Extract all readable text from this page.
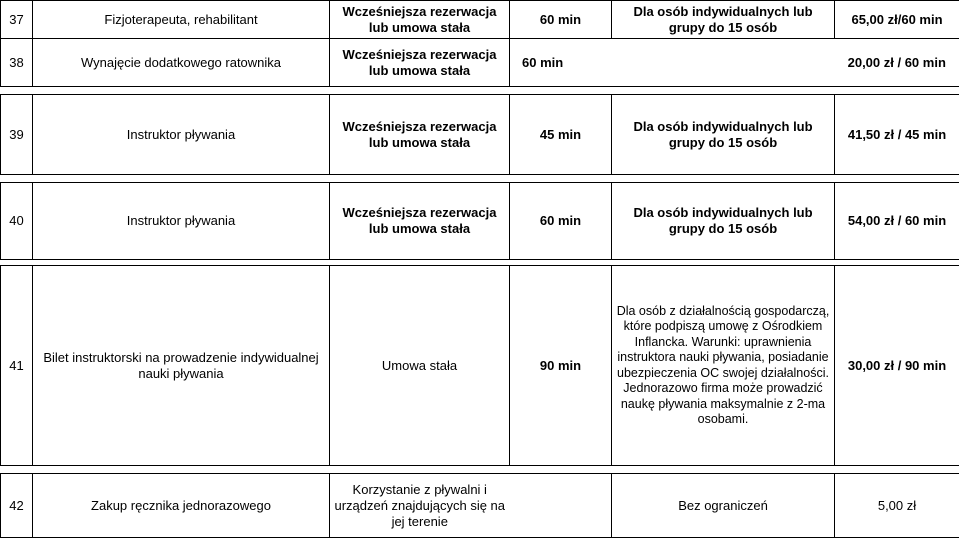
37	Fizjoterapeuta, rehabilitant	Wcześniejsza rezerwacja lub umowa stała	60 min	Dla osób indywidualnych lub grupy do 15 osób	65,00 zł/60 min
38	Wynajęcie dodatkowego ratownika	Wcześniejsza rezerwacja lub umowa stała	60 min		20,00 zł / 60 min

39	Instruktor pływania	Wcześniejsza rezerwacja lub umowa stała	45 min	Dla osób indywidualnych lub grupy do 15 osób	41,50 zł / 45 min

40	Instruktor pływania	Wcześniejsza rezerwacja lub umowa stała	60 min	Dla osób indywidualnych lub grupy do 15 osób	54,00 zł / 60 min

41	Bilet instruktorski na prowadzenie indywidualnej nauki pływania	Umowa stała	90 min	Dla osób z działalnością gospodarczą, które podpiszą umowę z Ośrodkiem Inflancka. Warunki: uprawnienia instruktora nauki pływania, posiadanie ubezpieczenia OC swojej działalności. Jednorazowo firma może prowadzić naukę pływania maksymalnie z 2-ma osobami.	30,00 zł / 90 min

42	Zakup ręcznika jednorazowego	Korzystanie z pływalni i urządzeń znajdujących się na jej terenie		Bez ograniczeń	5,00 zł
